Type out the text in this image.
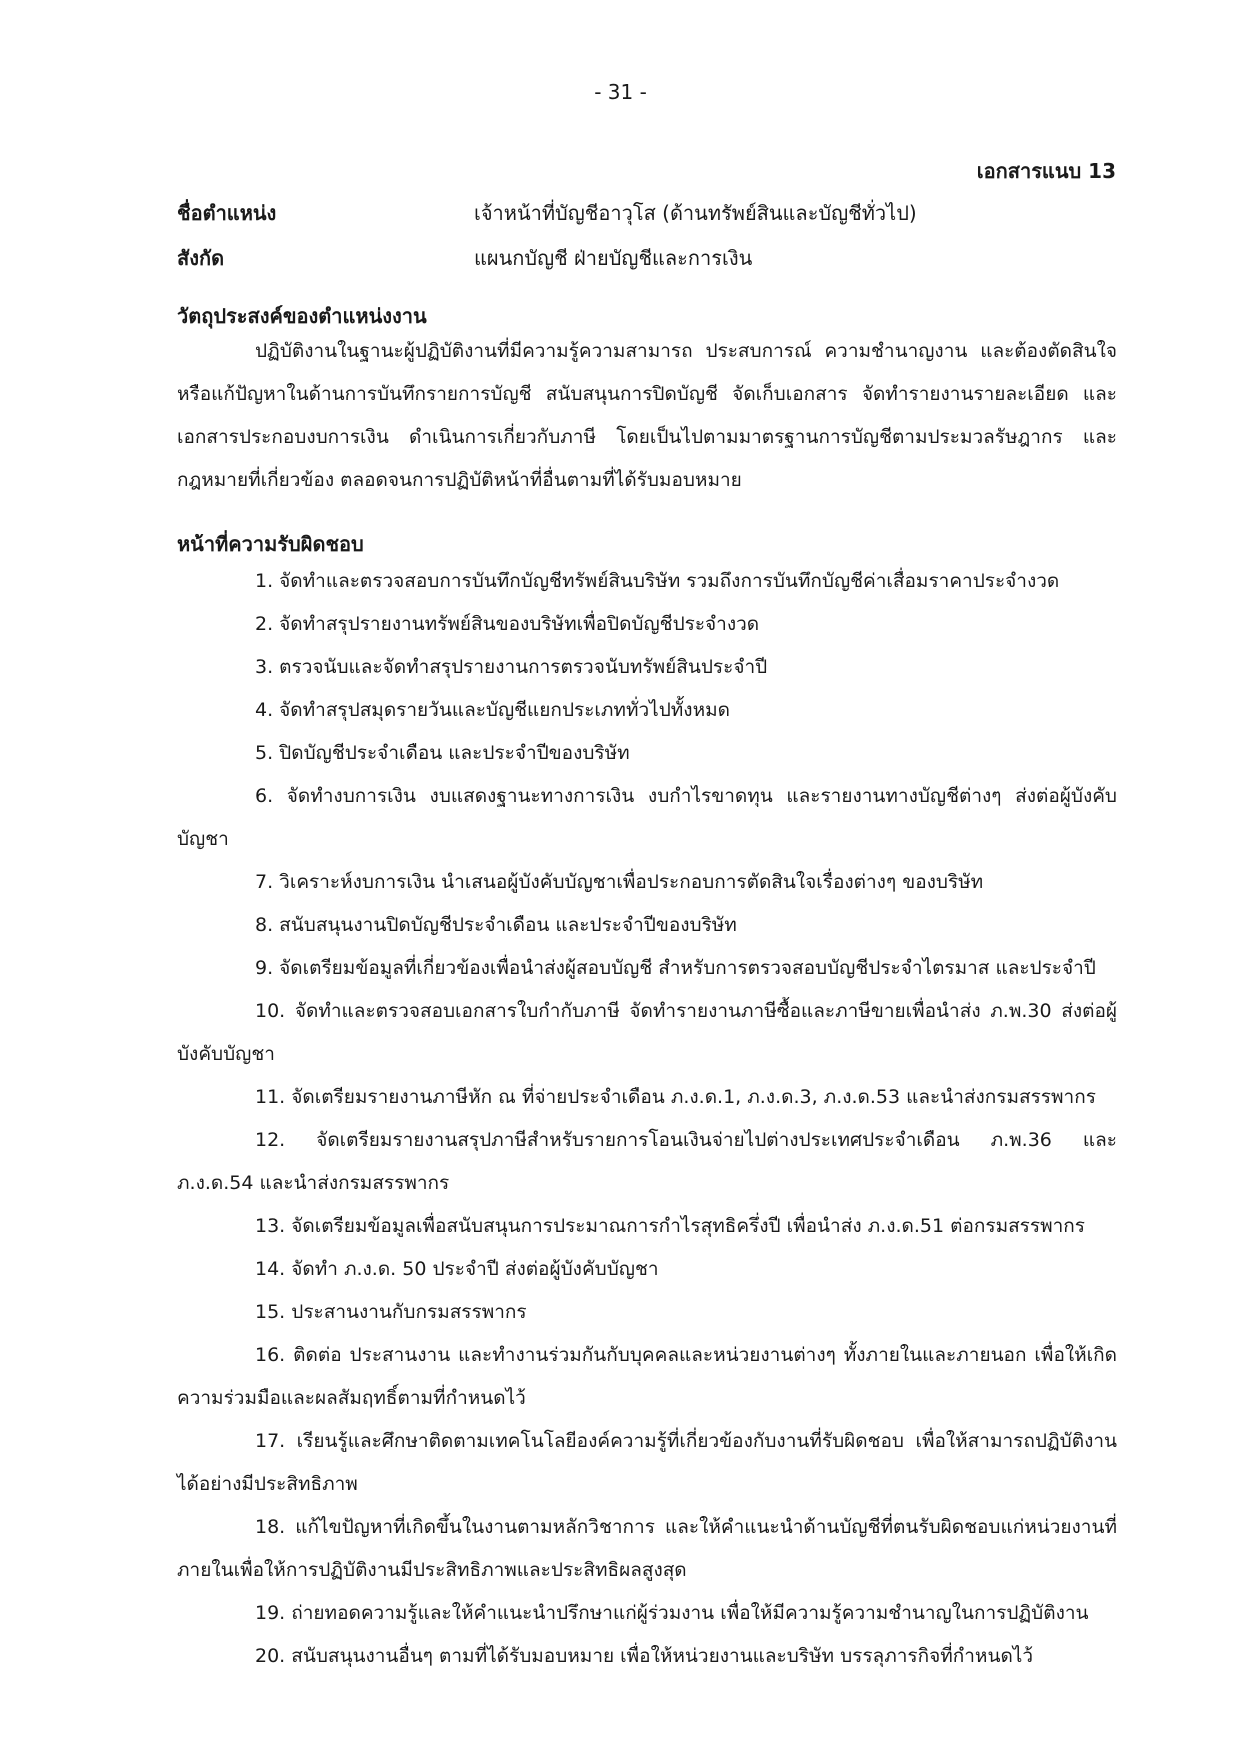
- 31 -
เอกสารแนบ 13
ชื่อตำแหน่ง	เจ้าหน้าที่บัญชีอาวุโส (ด้านทรัพย์สินและบัญชีทั่วไป)
สังกัด	แผนกบัญชี ฝ่ายบัญชีและการเงิน
วัตถุประสงค์ของตำแหน่งงาน
ปฏิบัติงานในฐานะผู้ปฏิบัติงานที่มีความรู้ความสามารถ ประสบการณ์ ความชำนาญงาน และต้องตัดสินใจหรือแก้ปัญหาในด้านการบันทึกรายการบัญชี สนับสนุนการปิดบัญชี จัดเก็บเอกสาร จัดทำรายงานรายละเอียด และเอกสารประกอบงบการเงิน ดำเนินการเกี่ยวกับภาษี โดยเป็นไปตามมาตรฐานการบัญชีตามประมวลรัษฎากร และกฎหมายที่เกี่ยวข้อง ตลอดจนการปฏิบัติหน้าที่อื่นตามที่ได้รับมอบหมาย
หน้าที่ความรับผิดชอบ
1. จัดทำและตรวจสอบการบันทึกบัญชีทรัพย์สินบริษัท รวมถึงการบันทึกบัญชีค่าเสื่อมราคาประจำงวด
2. จัดทำสรุปรายงานทรัพย์สินของบริษัทเพื่อปิดบัญชีประจำงวด
3. ตรวจนับและจัดทำสรุปรายงานการตรวจนับทรัพย์สินประจำปี
4. จัดทำสรุปสมุดรายวันและบัญชีแยกประเภททั่วไปทั้งหมด
5. ปิดบัญชีประจำเดือน และประจำปีของบริษัท
6. จัดทำงบการเงิน งบแสดงฐานะทางการเงิน งบกำไรขาดทุน และรายงานทางบัญชีต่างๆ ส่งต่อผู้บังคับบัญชา
7. วิเคราะห์งบการเงิน นำเสนอผู้บังคับบัญชาเพื่อประกอบการตัดสินใจเรื่องต่างๆ ของบริษัท
8. สนับสนุนงานปิดบัญชีประจำเดือน และประจำปีของบริษัท
9. จัดเตรียมข้อมูลที่เกี่ยวข้องเพื่อนำส่งผู้สอบบัญชี สำหรับการตรวจสอบบัญชีประจำไตรมาส และประจำปี
10. จัดทำและตรวจสอบเอกสารใบกำกับภาษี จัดทำรายงานภาษีซื้อและภาษีขายเพื่อนำส่ง ภ.พ.30 ส่งต่อผู้บังคับบัญชา
11. จัดเตรียมรายงานภาษีหัก ณ ที่จ่ายประจำเดือน ภ.ง.ด.1, ภ.ง.ด.3, ภ.ง.ด.53 และนำส่งกรมสรรพากร
12. จัดเตรียมรายงานสรุปภาษีสำหรับรายการโอนเงินจ่ายไปต่างประเทศประจำเดือน ภ.พ.36 และ ภ.ง.ด.54 และนำส่งกรมสรรพากร
13. จัดเตรียมข้อมูลเพื่อสนับสนุนการประมาณการกำไรสุทธิครึ่งปี เพื่อนำส่ง ภ.ง.ด.51 ต่อกรมสรรพากร
14. จัดทำ ภ.ง.ด. 50 ประจำปี ส่งต่อผู้บังคับบัญชา
15. ประสานงานกับกรมสรรพากร
16. ติดต่อ ประสานงาน และทำงานร่วมกันกับบุคคลและหน่วยงานต่างๆ ทั้งภายในและภายนอก เพื่อให้เกิดความร่วมมือและผลสัมฤทธิ์ตามที่กำหนดไว้
17. เรียนรู้และศึกษาติดตามเทคโนโลยีองค์ความรู้ที่เกี่ยวข้องกับงานที่รับผิดชอบ เพื่อให้สามารถปฏิบัติงานได้อย่างมีประสิทธิภาพ
18. แก้ไขปัญหาที่เกิดขึ้นในงานตามหลักวิชาการ และให้คำแนะนำด้านบัญชีที่ตนรับผิดชอบแก่หน่วยงานที่ภายในเพื่อให้การปฏิบัติงานมีประสิทธิภาพและประสิทธิผลสูงสุด
19. ถ่ายทอดความรู้และให้คำแนะนำปรึกษาแก่ผู้ร่วมงาน เพื่อให้มีความรู้ความชำนาญในการปฏิบัติงาน
20. สนับสนุนงานอื่นๆ ตามที่ได้รับมอบหมาย เพื่อให้หน่วยงานและบริษัท บรรลุภารกิจที่กำหนดไว้
